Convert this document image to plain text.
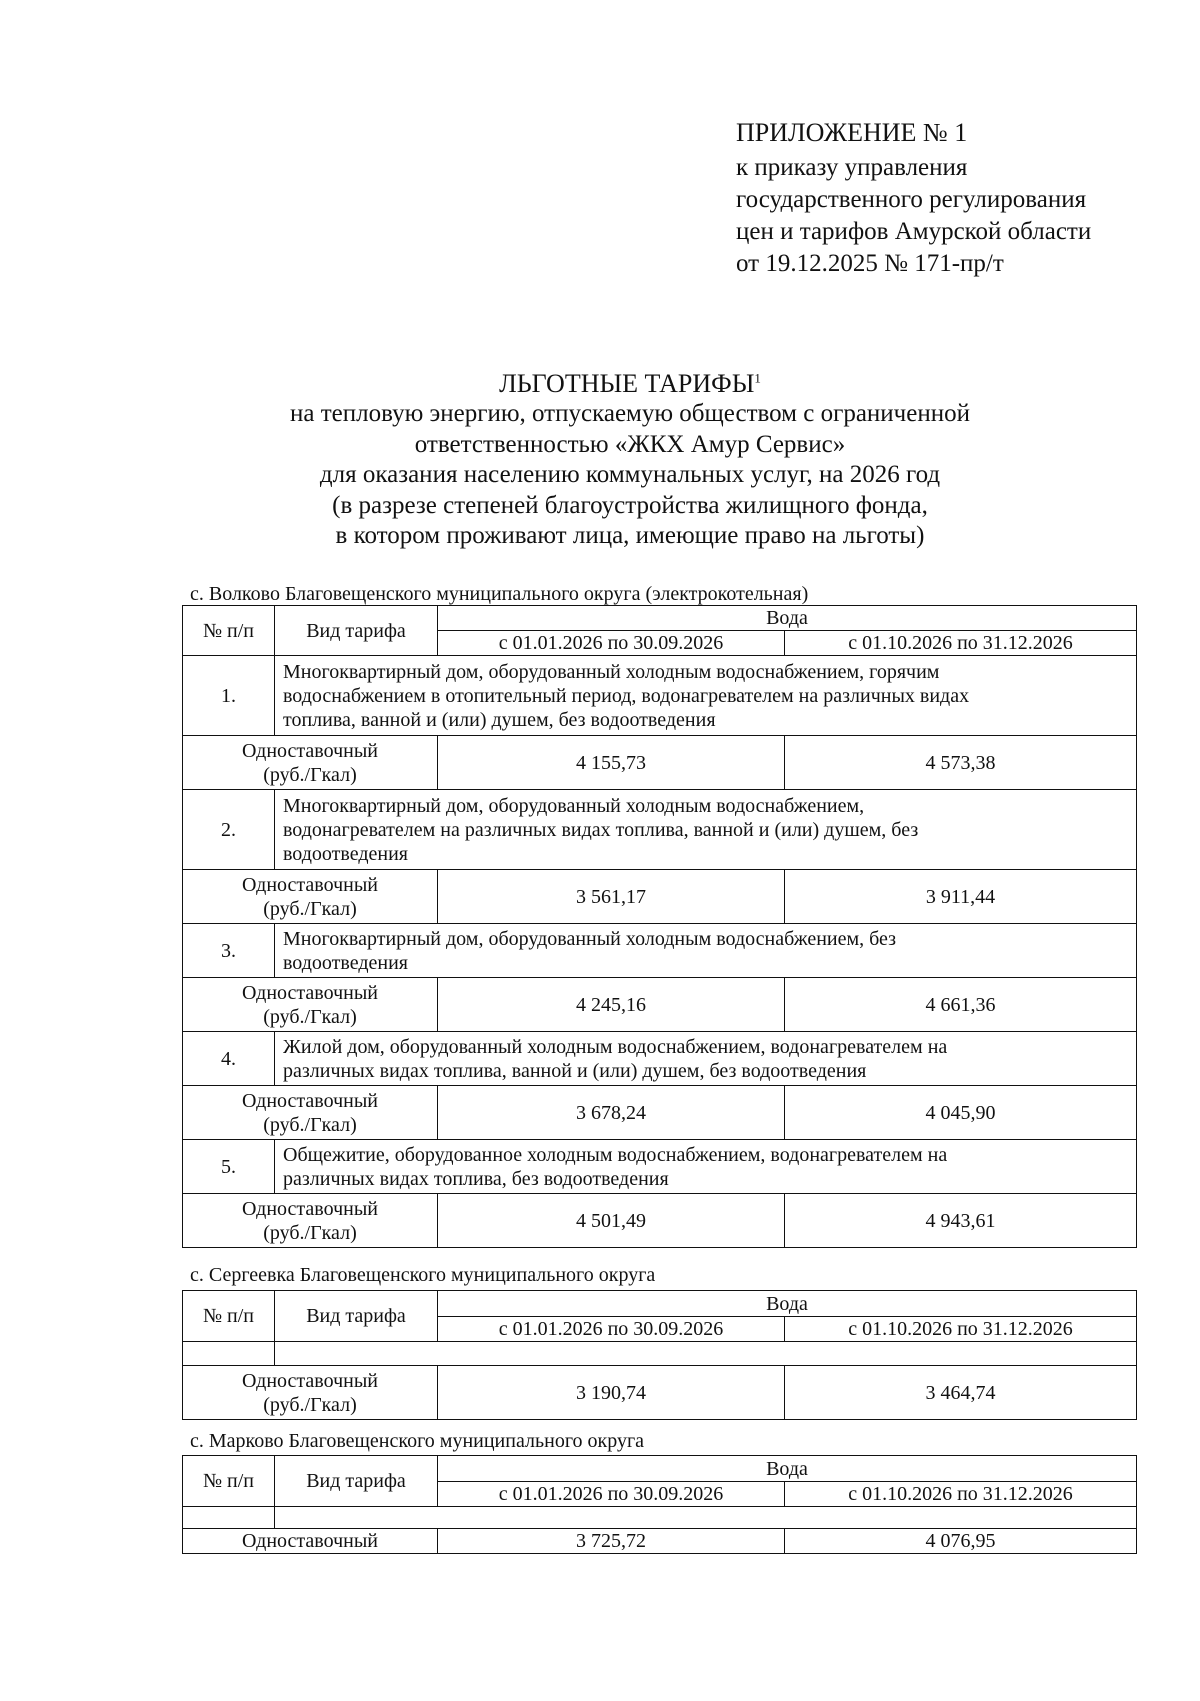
ПРИЛОЖЕНИЕ № 1
к приказу управления
государственного регулирования
цен и тарифов Амурской области
от 19.12.2025 № 171-пр/т
ЛЬГОТНЫЕ ТАРИФЫ$^1$
на тепловую энергию, отпускаемую обществом с ограниченной
ответственностью «ЖКХ Амур Сервис»
для оказания населению коммунальных услуг, на 2026 год
(в разрезе степеней благоустройства жилищного фонда,
в котором проживают лица, имеющие право на льготы)
с. Волково Благовещенского муниципального округа (электрокотельная)
№ п/п	Вид тарифа	Вода	
		с 01.01.2026 по 30.09.2026	с 01.10.2026 по 31.12.2026
1.	Многоквартирный дом, оборудованный холодным водоснабжением, горячим
водоснабжением в отопительный период, водонагревателем на различных видах
топлива, ванной и (или) душем, без водоотведения		

Одноставочный
(руб./Гкал)		4 155,73	4 573,38
2.	Многоквартирный дом, оборудованный холодным водоснабжением,
водонагревателем на различных видах топлива, ванной и (или) душем, без
водоотведения		

Одноставочный
(руб./Гкал)		3 561,17	3 911,44
3.	Многоквартирный дом, оборудованный холодным водоснабжением, без
водоотведения		

Одноставочный
(руб./Гкал)		4 245,16	4 661,36
4.	Жилой дом, оборудованный холодным водоснабжением, водонагревателем на
различных видах топлива, ванной и (или) душем, без водоотведения		

Одноставочный
(руб./Гкал)		3 678,24	4 045,90
5.	Общежитие, оборудованное холодным водоснабжением, водонагревателем на
различных видах топлива, без водоотведения		

Одноставочный
(руб./Гкал)		4 501,49	4 943,61
с. Сергеевка Благовещенского муниципального округа
№ п/п	Вид тарифа	Вода	
		с 01.01.2026 по 30.09.2026	с 01.10.2026 по 31.12.2026

Одноставочный
(руб./Гкал)		3 190,74	3 464,74
с. Марково Благовещенского муниципального округа
№ п/п	Вид тарифа	Вода	
		с 01.01.2026 по 30.09.2026	с 01.10.2026 по 31.12.2026

Одноставочный		3 725,72	4 076,95
